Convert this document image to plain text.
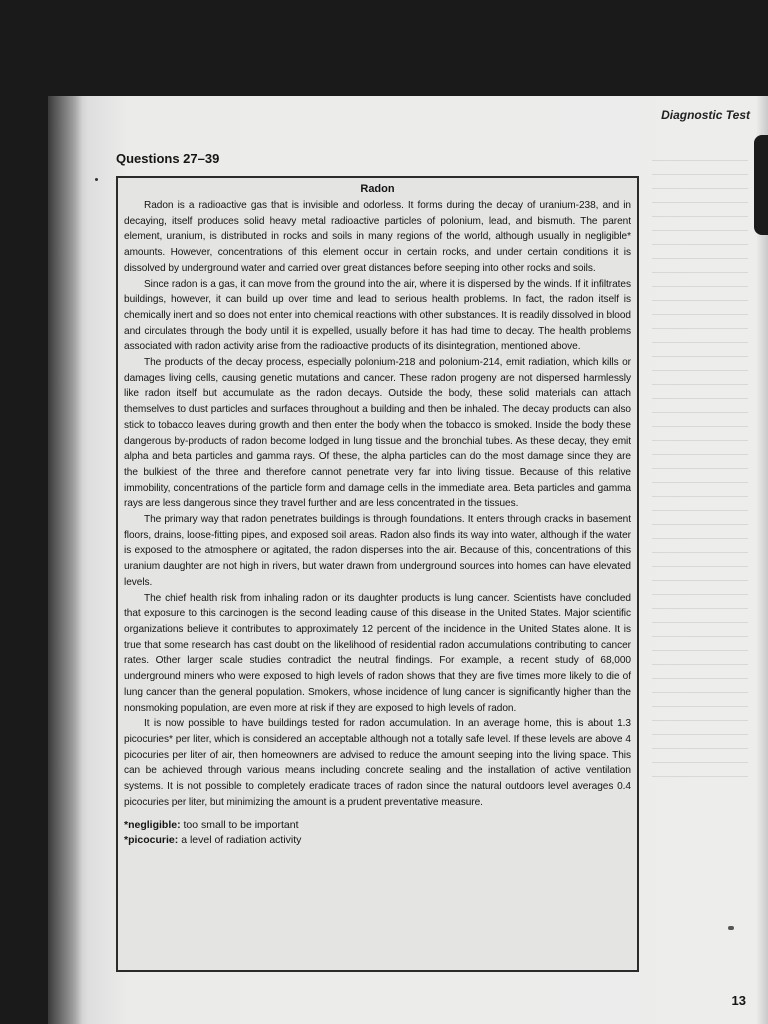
Diagnostic Test
Questions 27–39
Radon

Radon is a radioactive gas that is invisible and odorless. It forms during the decay of uranium-238, and in decaying, itself produces solid heavy metal radioactive particles of polonium, lead, and bismuth. The parent element, uranium, is distributed in rocks and soils in many regions of the world, although usually in negligible* amounts. However, concentrations of this element occur in certain rocks, and under certain conditions it is dissolved by underground water and carried over great distances before seeping into other rocks and soils.

Since radon is a gas, it can move from the ground into the air, where it is dispersed by the winds. If it infiltrates buildings, however, it can build up over time and lead to serious health problems. In fact, the radon itself is chemically inert and so does not enter into chemical reactions with other substances. It is readily dissolved in blood and circulates through the body until it is expelled, usually before it has had time to decay. The health problems associated with radon activity arise from the radioactive products of its disintegration, mentioned above.

The products of the decay process, especially polonium-218 and polonium-214, emit radiation, which kills or damages living cells, causing genetic mutations and cancer. These radon progeny are not dispersed harmlessly like radon itself but accumulate as the radon decays. Outside the body, these solid materials can attach themselves to dust particles and surfaces throughout a building and then be inhaled. The decay products can also stick to tobacco leaves during growth and then enter the body when the tobacco is smoked. Inside the body these dangerous by-products of radon become lodged in lung tissue and the bronchial tubes. As these decay, they emit alpha and beta particles and gamma rays. Of these, the alpha particles can do the most damage since they are the bulkiest of the three and therefore cannot penetrate very far into living tissue. Because of this relative immobility, concentrations of the particle form and damage cells in the immediate area. Beta particles and gamma rays are less dangerous since they travel further and are less concentrated in the tissues.

The primary way that radon penetrates buildings is through foundations. It enters through cracks in basement floors, drains, loose-fitting pipes, and exposed soil areas. Radon also finds its way into water, although if the water is exposed to the atmosphere or agitated, the radon disperses into the air. Because of this, concentrations of this uranium daughter are not high in rivers, but water drawn from underground sources into homes can have elevated levels.

The chief health risk from inhaling radon or its daughter products is lung cancer. Scientists have concluded that exposure to this carcinogen is the second leading cause of this disease in the United States. Major scientific organizations believe it contributes to approximately 12 percent of the incidence in the United States alone. It is true that some research has cast doubt on the likelihood of residential radon accumulations contributing to cancer rates. Other larger scale studies contradict the neutral findings. For example, a recent study of 68,000 underground miners who were exposed to high levels of radon shows that they are five times more likely to die of lung cancer than the general population. Smokers, whose incidence of lung cancer is significantly higher than the nonsmoking population, are even more at risk if they are exposed to high levels of radon.

It is now possible to have buildings tested for radon accumulation. In an average home, this is about 1.3 picocuries* per liter, which is considered an acceptable although not a totally safe level. If these levels are above 4 picocuries per liter of air, then homeowners are advised to reduce the amount seeping into the living space. This can be achieved through various means including concrete sealing and the installation of active ventilation systems. It is not possible to completely eradicate traces of radon since the natural outdoors level averages 0.4 picocuries per liter, but minimizing the amount is a prudent preventative measure.

*negligible: too small to be important

*picocurie: a level of radiation activity

13
